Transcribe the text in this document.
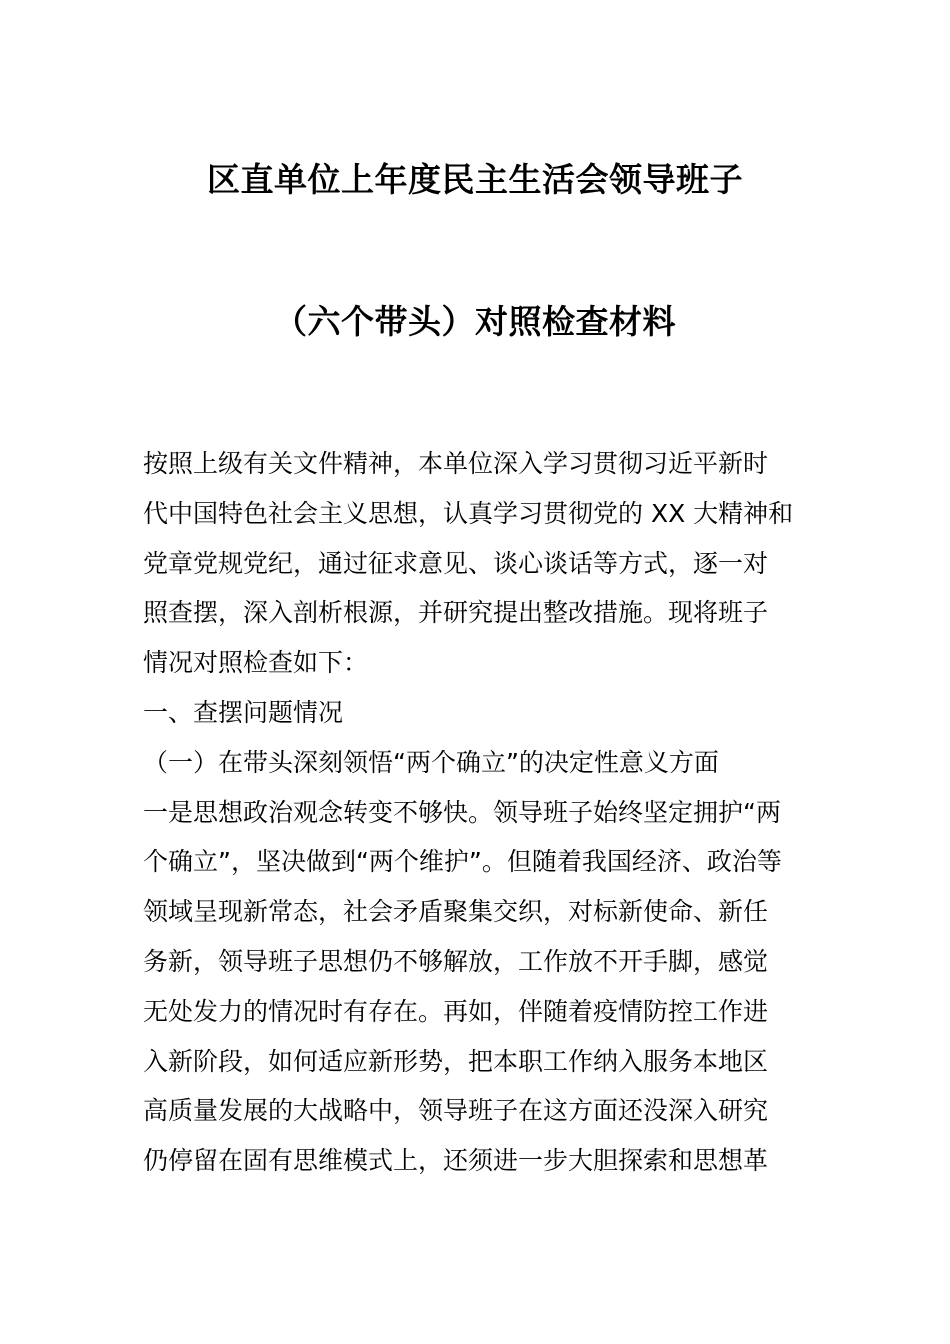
区直单位上年度民主生活会领导班子
（六个带头）对照检查材料
按照上级有关文件精神，本单位深入学习贯彻习近平新时
代中国特色社会主义思想，认真学习贯彻党的 XX 大精神和
党章党规党纪，通过征求意见、谈心谈话等方式，逐一对
照查摆，深入剖析根源，并研究提出整改措施。现将班子
情况对照检查如下：
一、查摆问题情况
（一）在带头深刻领悟“两个确立”的决定性意义方面
一是思想政治观念转变不够快。领导班子始终坚定拥护“两
个确立”，坚决做到“两个维护”。但随着我国经济、政治等
领域呈现新常态，社会矛盾聚集交织，对标新使命、新任
务新，领导班子思想仍不够解放，工作放不开手脚，感觉
无处发力的情况时有存在。再如，伴随着疫情防控工作进
入新阶段，如何适应新形势，把本职工作纳入服务本地区
高质量发展的大战略中，领导班子在这方面还没深入研究
仍停留在固有思维模式上，还须进一步大胆探索和思想革
